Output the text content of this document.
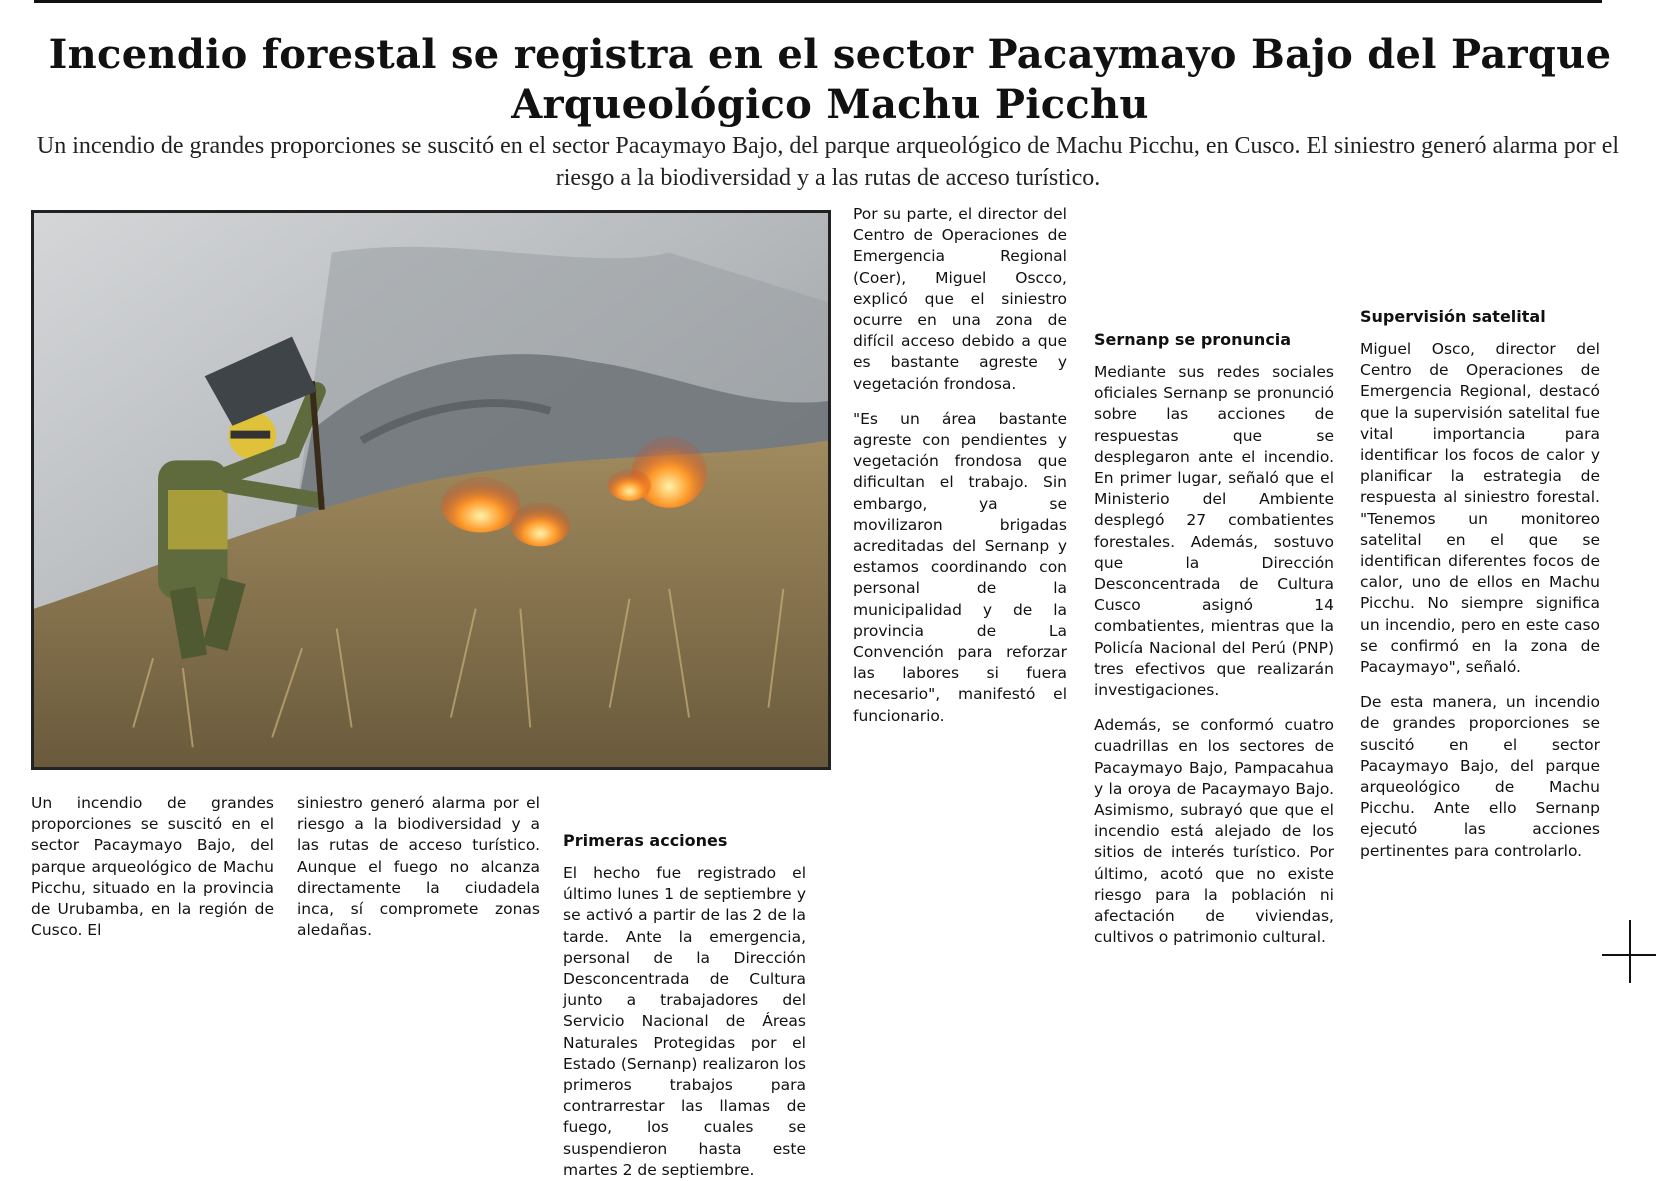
Incendio forestal se registra en el sector Pacaymayo Bajo del Parque Arqueológico Machu Picchu

Un incendio de grandes proporciones se suscitó en el sector Pacaymayo Bajo, del parque arqueológico de Machu Picchu, en Cusco. El siniestro generó alarma por el riesgo a la biodiversidad y a las rutas de acceso turístico.

Un incendio de grandes proporciones se suscitó en el sector Pacaymayo Bajo, del parque arqueológico de Machu Picchu, situado en la provincia de Urubamba, en la región de Cusco. El

siniestro generó alarma por el riesgo a la biodiversidad y a las rutas de acceso turístico. Aunque el fuego no alcanza directamente la ciudadela inca, sí compromete zonas aledañas.

Primeras acciones

El hecho fue registrado el último lunes 1 de septiembre y se activó a partir de las 2 de la tarde. Ante la emergencia, personal de la Dirección Desconcentrada de Cultura junto a trabajadores del Servicio Nacional de Áreas Naturales Protegidas por el Estado (Sernanp) realizaron los primeros trabajos para contrarrestar las llamas de fuego, los cuales se suspendieron hasta este martes 2 de septiembre.

Por su parte, el director del Centro de Operaciones de Emergencia Regional (Coer), Miguel Oscco, explicó que el siniestro ocurre en una zona de difícil acceso debido a que es bastante agreste y vegetación frondosa.

"Es un área bastante agreste con pendientes y vegetación frondosa que dificultan el trabajo. Sin embargo, ya se movilizaron brigadas acreditadas del Sernanp y estamos coordinando con personal de la municipalidad y de la provincia de La Convención para reforzar las labores si fuera necesario", manifestó el funcionario.

Sernanp se pronuncia

Mediante sus redes sociales oficiales Sernanp se pronunció sobre las acciones de respuestas que se desplegaron ante el incendio. En primer lugar, señaló que el Ministerio del Ambiente desplegó 27 combatientes forestales. Además, sostuvo que la Dirección Desconcentrada de Cultura Cusco asignó 14 combatientes, mientras que la Policía Nacional del Perú (PNP) tres efectivos que realizarán investigaciones.

Además, se conformó cuatro cuadrillas en los sectores de Pacaymayo Bajo, Pampacahua y la oroya de Pacaymayo Bajo. Asimismo, subrayó que que el incendio está alejado de los sitios de interés turístico. Por último, acotó que no existe riesgo para la población ni afectación de viviendas, cultivos o patrimonio cultural.

Supervisión satelital

Miguel Osco, director del Centro de Operaciones de Emergencia Regional, destacó que la supervisión satelital fue vital importancia para identificar los focos de calor y planificar la estrategia de respuesta al siniestro forestal. "Tenemos un monitoreo satelital en el que se identifican diferentes focos de calor, uno de ellos en Machu Picchu. No siempre significa un incendio, pero en este caso se confirmó en la zona de Pacaymayo", señaló.

De esta manera, un incendio de grandes proporciones se suscitó en el sector Pacaymayo Bajo, del parque arqueológico de Machu Picchu. Ante ello Sernanp ejecutó las acciones pertinentes para controlarlo.
